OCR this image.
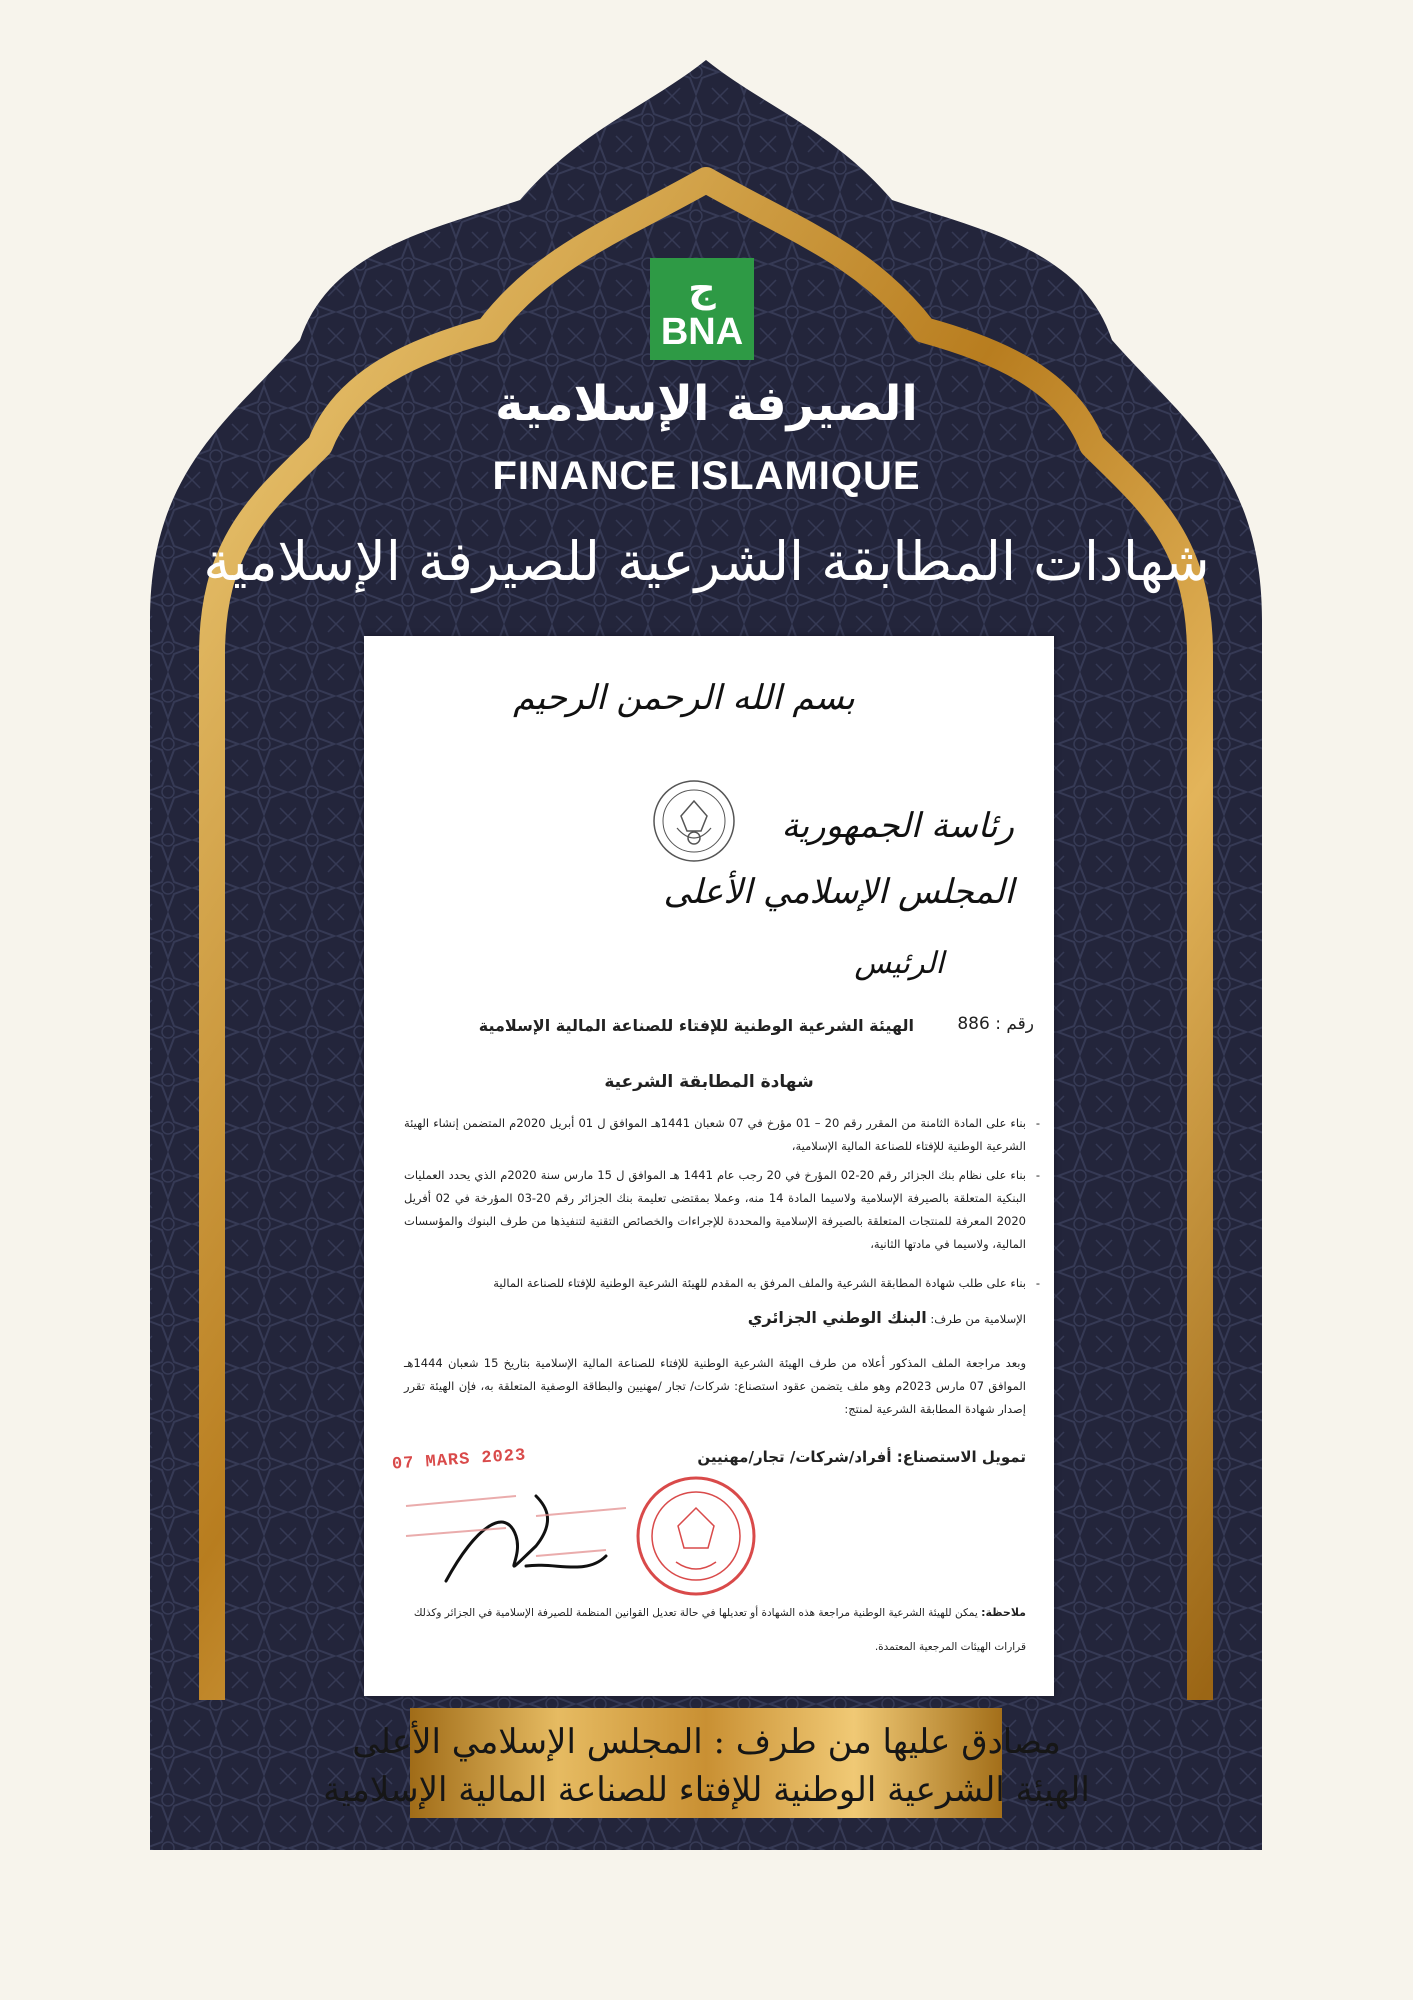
ج
BNA
الصيرفة الإسلامية
FINANCE ISLAMIQUE
شهادات المطابقة الشرعية للصيرفة الإسلامية
بسم الله الرحمن الرحيم
رئاسة الجمهورية
المجلس الإسلامي الأعلى
الرئيس
رقم : 886
الهيئة الشرعية الوطنية للإفتاء للصناعة المالية الإسلامية
شهادة المطابقة الشرعية
- بناء على المادة الثامنة من المقرر رقم 20 – 01 مؤرخ في 07 شعبان 1441هـ الموافق ل 01 أبريل 2020م المتضمن إنشاء الهيئة الشرعية الوطنية للإفتاء للصناعة المالية الإسلامية،
- بناء على نظام بنك الجزائر رقم 20-02 المؤرخ في 20 رجب عام 1441 هـ الموافق ل 15 مارس سنة 2020م الذي يحدد العمليات البنكية المتعلقة بالصيرفة الإسلامية ولاسيما المادة 14 منه، وعملا بمقتضى تعليمة بنك الجزائر رقم 20-03 المؤرخة في 02 أفريل 2020 المعرفة للمنتجات المتعلقة بالصيرفة الإسلامية والمحددة للإجراءات والخصائص التقنية لتنفيذها من طرف البنوك والمؤسسات المالية، ولاسيما في مادتها الثانية،
- بناء على طلب شهادة المطابقة الشرعية والملف المرفق به المقدم للهيئة الشرعية الوطنية للإفتاء للصناعة المالية
الإسلامية من طرف: البنك الوطني الجزائري
وبعد مراجعة الملف المذكور أعلاه من طرف الهيئة الشرعية الوطنية للإفتاء للصناعة المالية الإسلامية بتاريخ 15 شعبان 1444هـ الموافق 07 مارس 2023م وهو ملف يتضمن عقود استصناع: شركات/ تجار /مهنيين والبطاقة الوصفية المتعلقة به، فإن الهيئة تقرر إصدار شهادة المطابقة الشرعية لمنتج:
تمويل الاستصناع: أفراد/شركات/ تجار/مهنيين
07 MARS 2023
ملاحظة: يمكن للهيئة الشرعية الوطنية مراجعة هذه الشهادة أو تعديلها في حالة تعديل القوانين المنظمة للصيرفة الإسلامية في الجزائر وكذلك قرارات الهيئات المرجعية المعتمدة.
مصادق عليها من طرف : المجلس الإسلامي الأعلى
الهيئة الشرعية الوطنية للإفتاء للصناعة المالية الإسلامية
